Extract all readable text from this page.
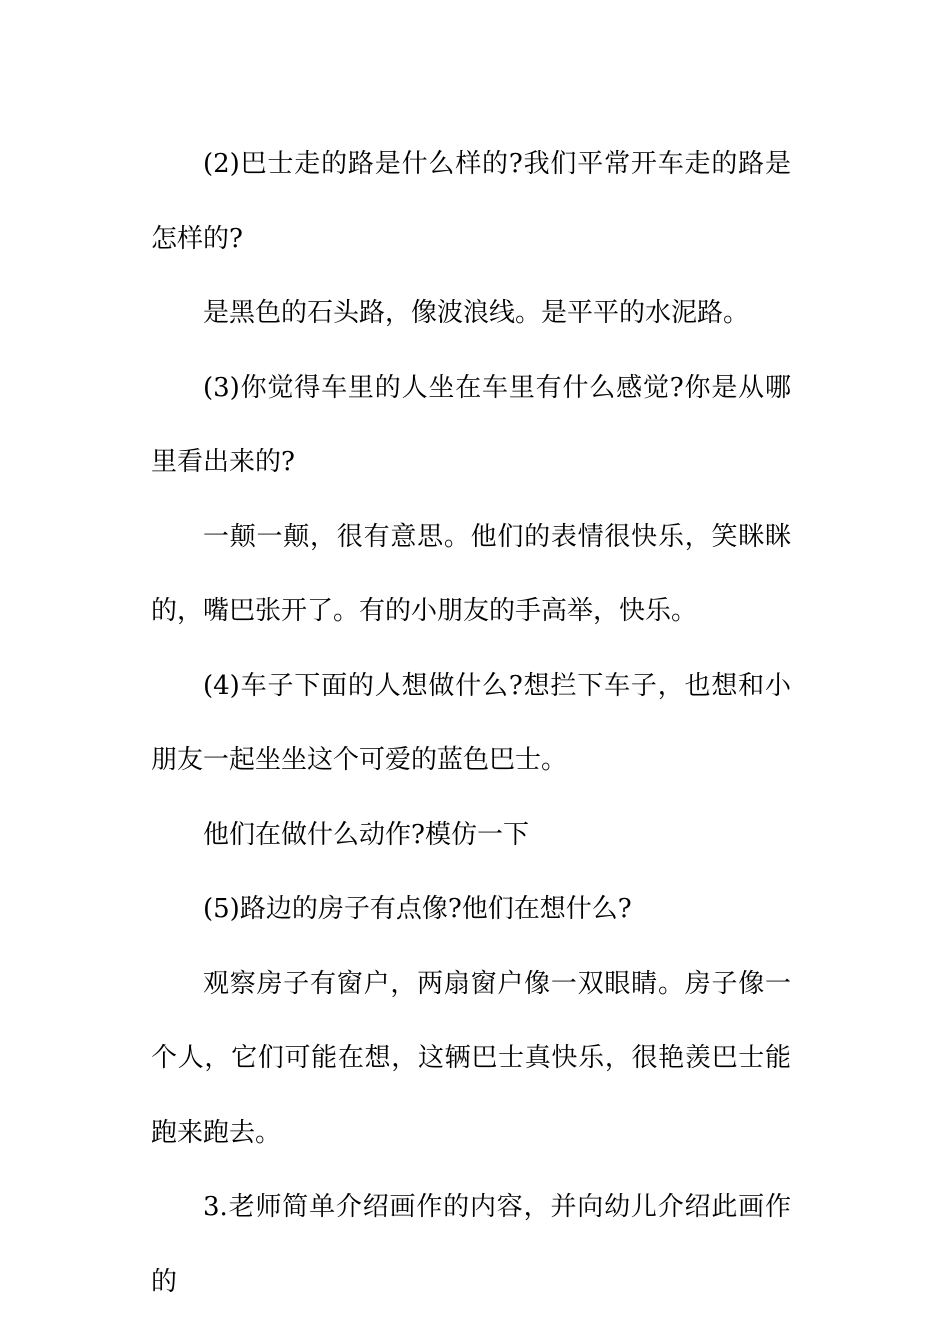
(2)巴士走的路是什么样的?我们平常开车走的路是怎样的?

是黑色的石头路，像波浪线。是平平的水泥路。

(3)你觉得车里的人坐在车里有什么感觉?你是从哪里看出来的?

一颠一颠，很有意思。他们的表情很快乐，笑眯眯的，嘴巴张开了。有的小朋友的手高举，快乐。

(4)车子下面的人想做什么?想拦下车子，也想和小朋友一起坐坐这个可爱的蓝色巴士。

他们在做什么动作?模仿一下

(5)路边的房子有点像?他们在想什么?

观察房子有窗户，两扇窗户像一双眼睛。房子像一个人，它们可能在想，这辆巴士真快乐，很艳羡巴士能跑来跑去。

3.老师简单介绍画作的内容，并向幼儿介绍此画作的
